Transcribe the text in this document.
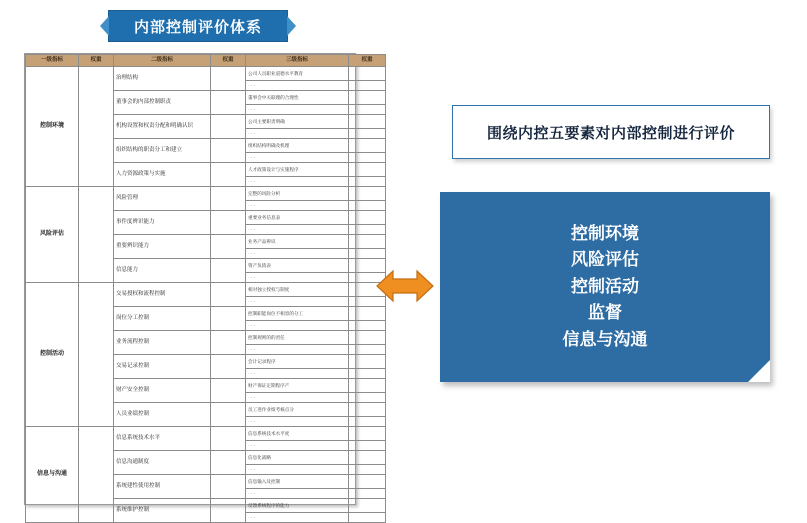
内部控制评价体系
一级指标	权重	二级指标	权重	三级指标	权重
控制环境		治理结构		公司人员职业道德水平教育	
				· · ·	
		董事会的内部控制职责		董事会中关联理的合理性	
				· · ·	
		机构设置和权责分配和明确认识		公司主要职责明确	
				· · ·	
		组织结构的职责分工和建立		组织结构明确及机理	
				· · ·	
		人力资源政策与实施		人才政策设计与实施程序	
				· · ·	
风险评估		风险管理		完整的风险分析	
				· · ·	
		事件度辨识能力		重要业务信息表	
				· · ·	
		重要辨识能力		业务产品辨识	
				· · ·	
		信息能力		资产负债表	
				· · ·	
控制活动		交易授权和流程控制		相对独立授权与制度	
				· · ·	
		岗位分工控制		控制职能岗位不相容的分工	
				· · ·	
		业务流程控制		控制规则的的责任	
				· · ·	
		交易记录控制		会计记录程序	
				· · ·	
		财产安全控制		财产保证定期程序产	
				· · ·	
		人员业绩控制		员工进作业绩考核点分	
				· · ·	
信息与沟通		信息系统技术水平		信息系统技术水平度	
				· · ·	
		信息沟通制度		信息化战略	
				· · ·	
		系统建性使用控制		信息输入及控制	
				· · ·	
		系统维护控制		反馈系统程序的能力	
				· · ·	
围绕内控五要素对内部控制进行评价
控制环境
风险评估
控制活动
监督
信息与沟通
